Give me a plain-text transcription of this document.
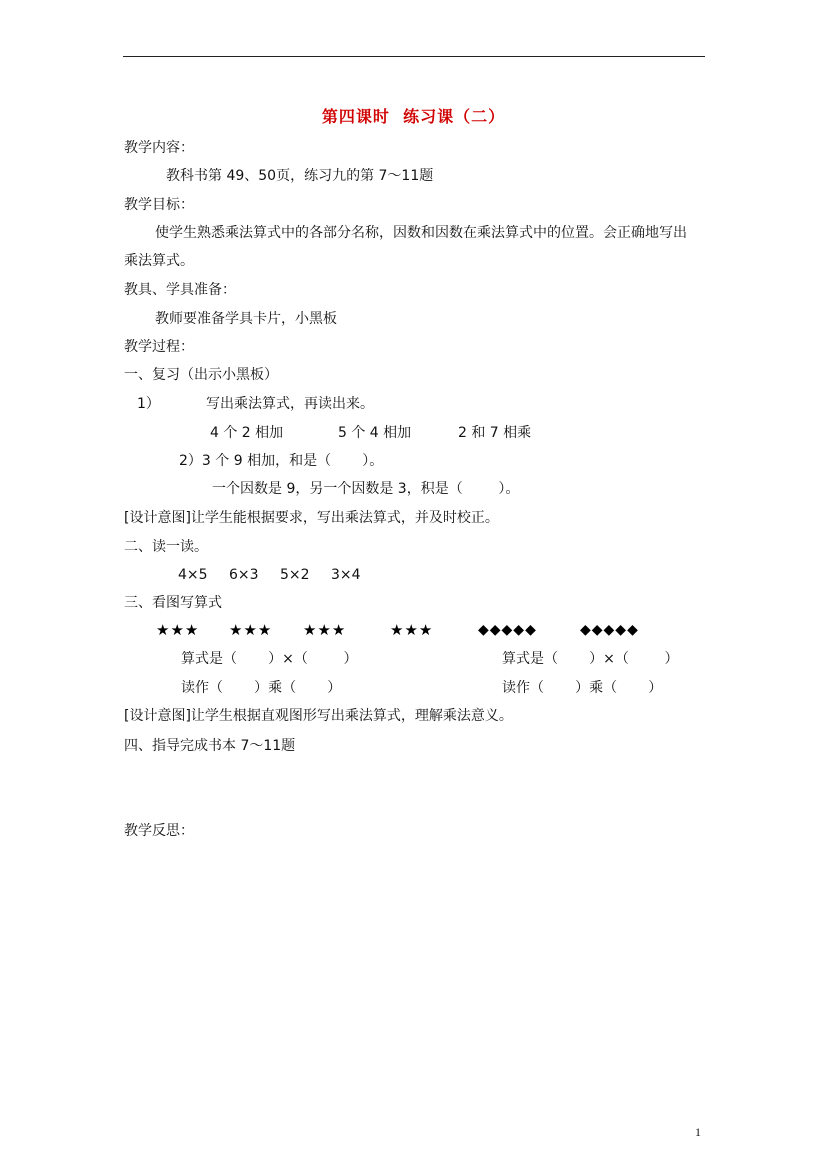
第四课时  练习课（二）
教学内容：
教科书第 49、50页，练习九的第 7～11题
教学目标：
使学生熟悉乘法算式中的各部分名称，因数和因数在乘法算式中的位置。会正确地写出
乘法算式。
教具、学具准备：
教师要准备学具卡片，小黑板
教学过程：
一、复习（出示小黑板）
1）	写出乘法算式，再读出来。
4 个 2 相加	5 个 4 相加	2 和 7 相乘
2）3 个 9 相加，和是（       ）。
一个因数是 9，另一个因数是 3，积是（        ）。
[设计意图]让学生能根据要求，写出乘法算式，并及时校正。
二、读一读。
4×5 6×3 5×2 3×4
三、看图写算式
★★★ ★★★ ★★★	★★★	◆◆◆◆◆	◆◆◆◆◆
算式是（       ）×（        ）	算式是（       ）×（        ）
读作（       ）乘（       ）	读作（       ）乘（       ）
[设计意图]让学生根据直观图形写出乘法算式，理解乘法意义。
四、指导完成书本 7～11题
教学反思：
1
